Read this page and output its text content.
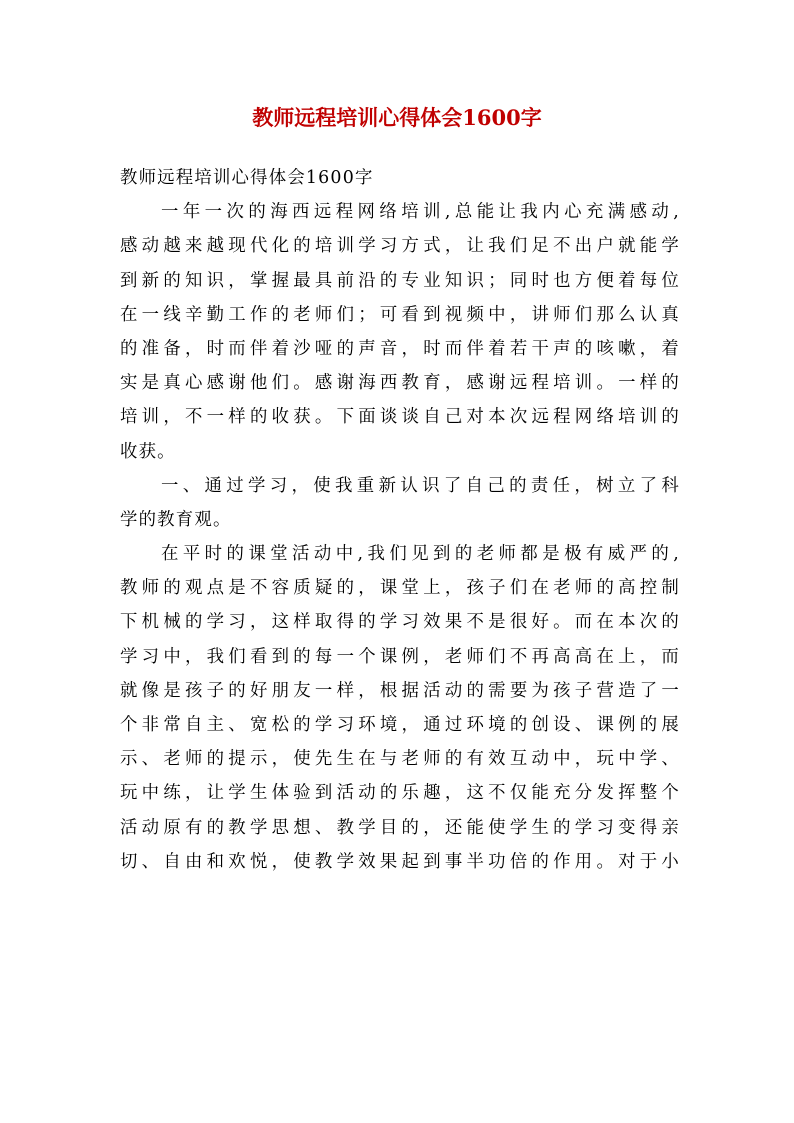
教师远程培训心得体会1600字
教师远程培训心得体会1600字
一年一次的海西远程网络培训,总能让我内心充满感动,
感动越来越现代化的培训学习方式，让我们足不出户就能学
到新的知识，掌握最具前沿的专业知识；同时也方便着每位
在一线辛勤工作的老师们；可看到视频中，讲师们那么认真
的准备，时而伴着沙哑的声音，时而伴着若干声的咳嗽，着
实是真心感谢他们。感谢海西教育，感谢远程培训。一样的
培训，不一样的收获。下面谈谈自己对本次远程网络培训的
收获。
一、通过学习，使我重新认识了自己的责任，树立了科
学的教育观。
在平时的课堂活动中,我们见到的老师都是极有威严的,
教师的观点是不容质疑的，课堂上，孩子们在老师的高控制
下机械的学习，这样取得的学习效果不是很好。而在本次的
学习中，我们看到的每一个课例，老师们不再高高在上，而
就像是孩子的好朋友一样，根据活动的需要为孩子营造了一
个非常自主、宽松的学习环境，通过环境的创设、课例的展
示、老师的提示，使先生在与老师的有效互动中，玩中学、
玩中练，让学生体验到活动的乐趣，这不仅能充分发挥整个
活动原有的教学思想、教学目的，还能使学生的学习变得亲
切、自由和欢悦，使教学效果起到事半功倍的作用。对于小
